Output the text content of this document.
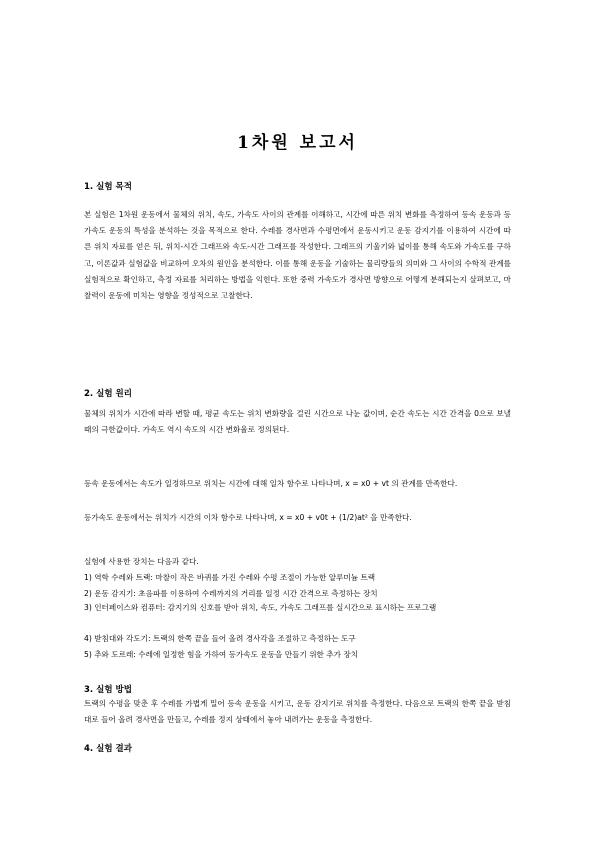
1차원 보고서
1. 실험 목적

본 실험은 1차원 운동에서 물체의 위치, 속도, 가속도 사이의 관계를 이해하고, 시간에 따른 위치 변화를 측정하여 등속 운동과 등가속도 운동의 특성을 분석하는 것을 목적으로 한다. 수레를 경사면과 수평면에서 운동시키고 운동 감지기를 이용하여 시간에 따른 위치 자료를 얻은 뒤, 위치-시간 그래프와 속도-시간 그래프를 작성한다. 그래프의 기울기와 넓이를 통해 속도와 가속도를 구하고, 이론값과 실험값을 비교하여 오차의 원인을 분석한다. 이를 통해 운동을 기술하는 물리량들의 의미와 그 사이의 수학적 관계를 실험적으로 확인하고, 측정 자료를 처리하는 방법을 익힌다. 또한 중력 가속도가 경사면 방향으로 어떻게 분해되는지 살펴보고, 마찰력이 운동에 미치는 영향을 정성적으로 고찰한다.

2. 실험 원리

물체의 위치가 시간에 따라 변할 때, 평균 속도는 위치 변화량을 걸린 시간으로 나눈 값이며, 순간 속도는 시간 간격을 0으로 보낼 때의 극한값이다. 가속도 역시 속도의 시간 변화율로 정의된다.

등속 운동에서는 속도가 일정하므로 위치는 시간에 대해 일차 함수로 나타나며, x = x0 + vt 의 관계를 만족한다.

등가속도 운동에서는 위치가 시간의 이차 함수로 나타나며, x = x0 + v0t + (1/2)at² 을 만족한다.

실험에 사용한 장치는 다음과 같다.
1) 역학 수레와 트랙: 마찰이 작은 바퀴를 가진 수레와 수평 조절이 가능한 알루미늄 트랙
2) 운동 감지기: 초음파를 이용하여 수레까지의 거리를 일정 시간 간격으로 측정하는 장치

3) 인터페이스와 컴퓨터: 감지기의 신호를 받아 위치, 속도, 가속도 그래프를 실시간으로 표시하는 프로그램

4) 받침대와 각도기: 트랙의 한쪽 끝을 들어 올려 경사각을 조절하고 측정하는 도구
5) 추와 도르래: 수레에 일정한 힘을 가하여 등가속도 운동을 만들기 위한 추가 장치
3. 실험 방법

트랙의 수평을 맞춘 후 수레를 가볍게 밀어 등속 운동을 시키고, 운동 감지기로 위치를 측정한다. 다음으로 트랙의 한쪽 끝을 받침대로 들어 올려 경사면을 만들고, 수레를 정지 상태에서 놓아 내려가는 운동을 측정한다.

4. 실험 결과
